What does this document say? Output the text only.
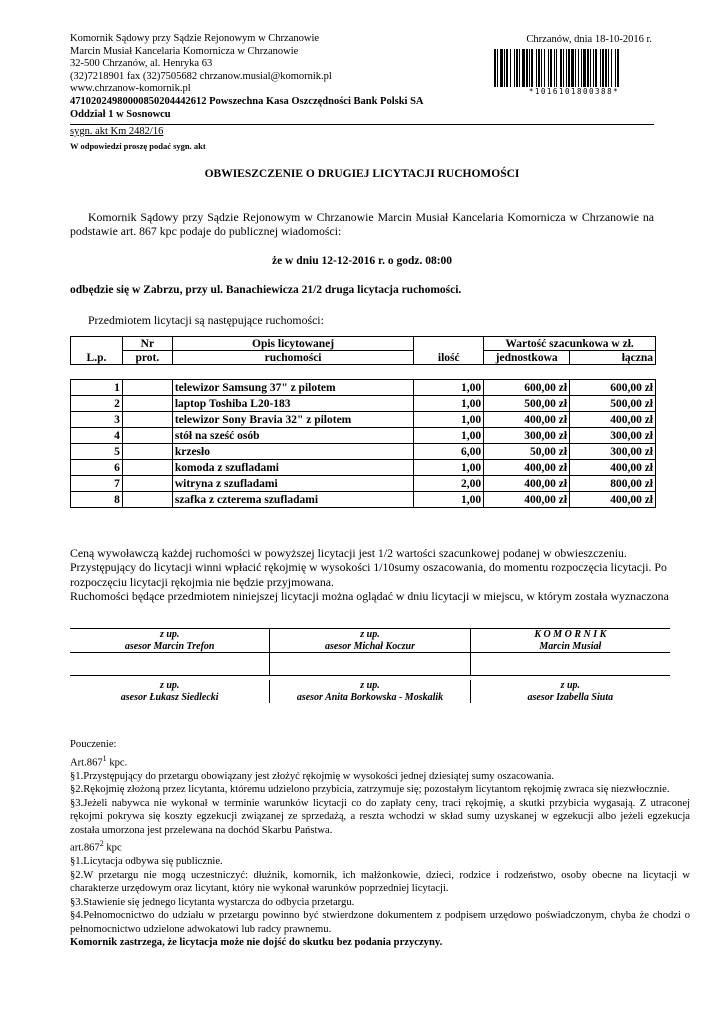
Komornik Sądowy przy Sądzie Rejonowym w Chrzanowie
Marcin Musiał Kancelaria Komornicza w Chrzanowie
32-500 Chrzanów, al. Henryka 63
(32)7218901 fax (32)7505682 chrzanow.musial@komornik.pl
www.chrzanow-komornik.pl
47102024980000850204442612 Powszechna Kasa Oszczędności Bank Polski SA
Oddział 1 w Sosnowcu
Chrzanów, dnia 18-10-2016 r.
*1016101800388*
sygn. akt Km 2482/16
W odpowiedzi proszę podać sygn. akt
OBWIESZCZENIE O DRUGIEJ LICYTACJI RUCHOMOŚCI
Komornik Sądowy przy Sądzie Rejonowym w Chrzanowie Marcin Musiał Kancelaria Komornicza w Chrzanowie na podstawie art. 867 kpc podaje do publicznej wiadomości:
że w dniu 12-12-2016 r. o godz. 08:00
odbędzie się w Zabrzu, przy ul. Banachiewicza 21/2 druga licytacja ruchomości.
Przedmiotem licytacji są następujące ruchomości:
L.p.	Nr	Opis licytowanej	ilość	Wartość szacunkowa w zł.	
	prot.	ruchomości		jednostkowa	łączna

1		telewizor Samsung 37" z pilotem	1,00	600,00 zł	600,00 zł
2		laptop Toshiba L20-183	1,00	500,00 zł	500,00 zł
3		telewizor Sony Bravia 32" z pilotem	1,00	400,00 zł	400,00 zł
4		stół na sześć osób	1,00	300,00 zł	300,00 zł
5		krzesło	6,00	50,00 zł	300,00 zł
6		komoda z szufladami	1,00	400,00 zł	400,00 zł
7		witryna z szufladami	2,00	400,00 zł	800,00 zł
8		szafka z czterema szufladami	1,00	400,00 zł	400,00 zł
Ceną wywoławczą każdej ruchomości w powyższej licytacji jest 1/2 wartości szacunkowej podanej w obwieszczeniu.
Przystępujący do licytacji winni wpłacić rękojmię w wysokości 1/10sumy oszacowania, do momentu rozpoczęcia licytacji. Po rozpoczęciu licytacji rękojmia nie będzie przyjmowana.
Ruchomości będące przedmiotem niniejszej licytacji można oglądać w dniu licytacji w miejscu, w którym została wyznaczona
z up.
asesor Marcin Trefon
z up.
asesor Michał Koczur
K O M O R N I K
Marcin Musiał
z up.
asesor Łukasz Siedlecki
z up.
asesor Anita Borkowska - Moskalik
z up.
asesor Izabella Siuta

Pouczenie:

Art.867$^1$ kpc.

§1.Przystępujący do przetargu obowiązany jest złożyć rękojmię w wysokości jednej dziesiątej sumy oszacowania.

§2.Rękojmię złożoną przez licytanta, któremu udzielono przybicia, zatrzymuje się; pozostałym licytantom rękojmię zwraca się niezwłocznie.

§3.Jeżeli nabywca nie wykonał w terminie warunków licytacji co do zapłaty ceny, traci rękojmię, a skutki przybicia wygasają. Z utraconej rękojmi pokrywa się koszty egzekucji związanej ze sprzedażą, a reszta wchodzi w skład sumy uzyskanej w egzekucji albo jeżeli egzekucja została umorzona jest przelewana na dochód Skarbu Państwa.

art.867$^2$ kpc

§1.Licytacja odbywa się publicznie.

§2.W przetargu nie mogą uczestniczyć: dłużnik, komornik, ich małżonkowie, dzieci, rodzice i rodzeństwo, osoby obecne na licytacji w charakterze urzędowym oraz licytant, który nie wykonał warunków poprzedniej licytacji.

§3.Stawienie się jednego licytanta wystarcza do odbycia przetargu.

§4.Pełnomocnictwo do udziału w przetargu powinno być stwierdzone dokumentem z podpisem urzędowo poświadczonym, chyba że chodzi o pełnomocnictwo udzielone adwokatowi lub radcy prawnemu.

Komornik zastrzega, że licytacja może nie dojść do skutku bez podania przyczyny.
